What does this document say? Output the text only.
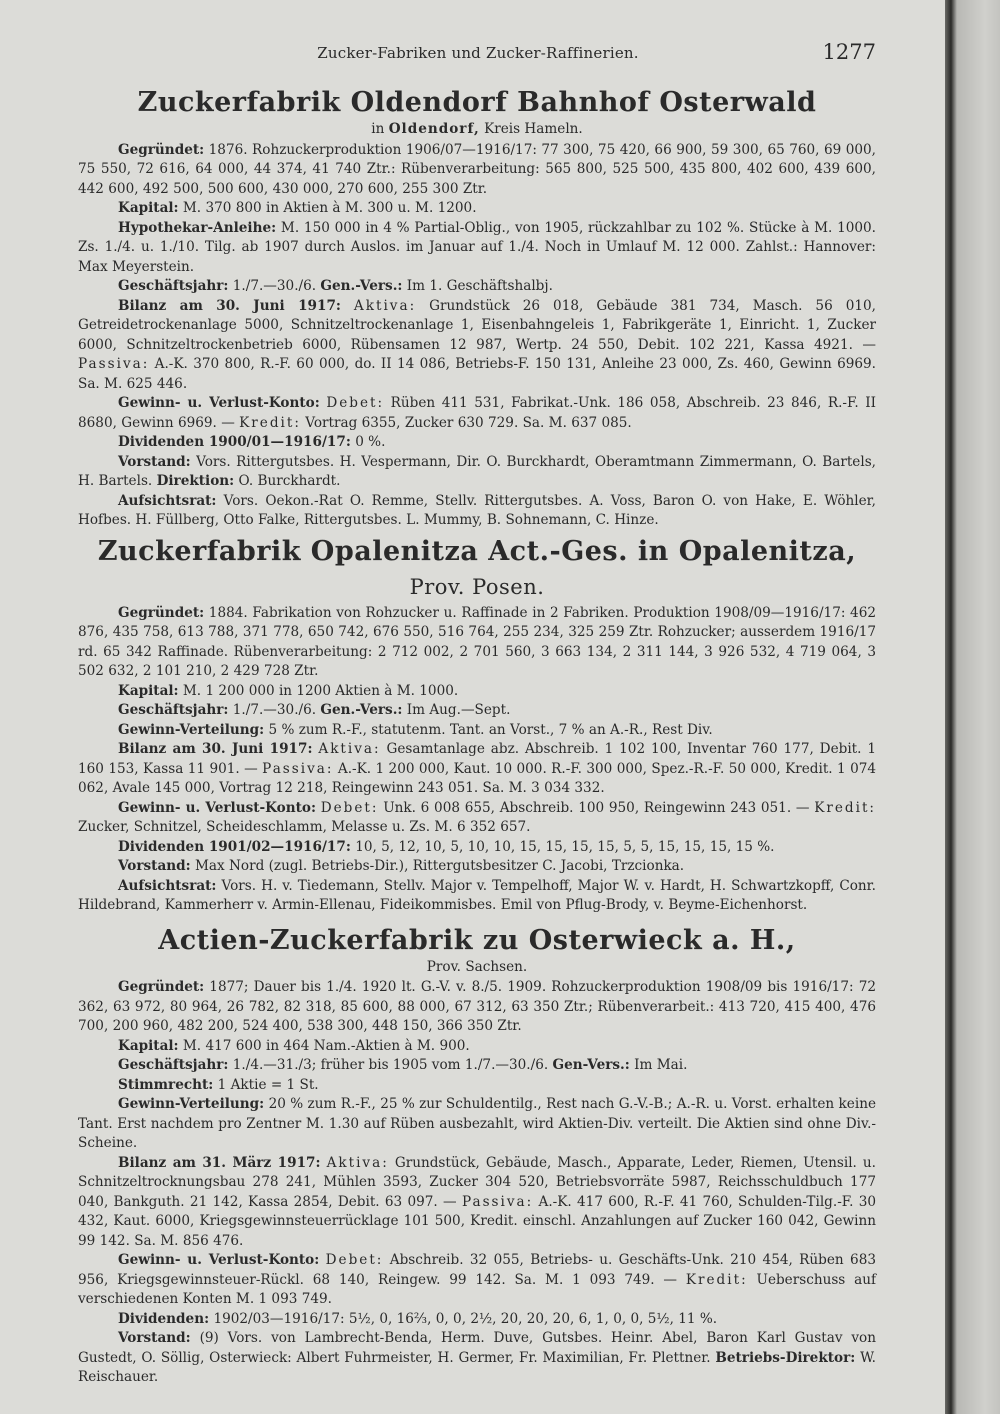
Zucker-Fabriken und Zucker-Raffinerien.	1277
Zuckerfabrik Oldendorf Bahnhof Osterwald
in Oldendorf, Kreis Hameln.

Gegründet: 1876. Rohzuckerproduktion 1906/07—1916/17: 77 300, 75 420, 66 900, 59 300, 65 760, 69 000, 75 550, 72 616, 64 000, 44 374, 41 740 Ztr.: Rübenverarbeitung: 565 800, 525 500, 435 800, 402 600, 439 600, 442 600, 492 500, 500 600, 430 000, 270 600, 255 300 Ztr.

Kapital: M. 370 800 in Aktien à M. 300 u. M. 1200.

Hypothekar-Anleihe: M. 150 000 in 4 % Partial-Oblig., von 1905, rückzahlbar zu 102 %. Stücke à M. 1000. Zs. 1./4. u. 1./10. Tilg. ab 1907 durch Auslos. im Januar auf 1./4. Noch in Umlauf M. 12 000. Zahlst.: Hannover: Max Meyerstein.

Geschäftsjahr: 1./7.—30./6. Gen.-Vers.: Im 1. Geschäftshalbj.

Bilanz am 30. Juni 1917: Aktiva: Grundstück 26 018, Gebäude 381 734, Masch. 56 010, Getreidetrockenanlage 5000, Schnitzeltrockenanlage 1, Eisenbahngeleis 1, Fabrikgeräte 1, Einricht. 1, Zucker 6000, Schnitzeltrockenbetrieb 6000, Rübensamen 12 987, Wertp. 24 550, Debit. 102 221, Kassa 4921. — Passiva: A.-K. 370 800, R.-F. 60 000, do. II 14 086, Betriebs-F. 150 131, Anleihe 23 000, Zs. 460, Gewinn 6969. Sa. M. 625 446.

Gewinn- u. Verlust-Konto: Debet: Rüben 411 531, Fabrikat.-Unk. 186 058, Abschreib. 23 846, R.-F. II 8680, Gewinn 6969. — Kredit: Vortrag 6355, Zucker 630 729. Sa. M. 637 085.

Dividenden 1900/01—1916/17: 0 %.

Vorstand: Vors. Rittergutsbes. H. Vespermann, Dir. O. Burckhardt, Oberamtmann Zimmermann, O. Bartels, H. Bartels. Direktion: O. Burckhardt.

Aufsichtsrat: Vors. Oekon.-Rat O. Remme, Stellv. Rittergutsbes. A. Voss, Baron O. von Hake, E. Wöhler, Hofbes. H. Füllberg, Otto Falke, Rittergutsbes. L. Mummy, B. Sohnemann, C. Hinze.

Zuckerfabrik Opalenitza Act.-Ges. in Opalenitza, Prov. Posen.

Gegründet: 1884. Fabrikation von Rohzucker u. Raffinade in 2 Fabriken. Produktion 1908/09—1916/17: 462 876, 435 758, 613 788, 371 778, 650 742, 676 550, 516 764, 255 234, 325 259 Ztr. Rohzucker; ausserdem 1916/17 rd. 65 342 Raffinade. Rübenverarbeitung: 2 712 002, 2 701 560, 3 663 134, 2 311 144, 3 926 532, 4 719 064, 3 502 632, 2 101 210, 2 429 728 Ztr.

Kapital: M. 1 200 000 in 1200 Aktien à M. 1000.

Geschäftsjahr: 1./7.—30./6. Gen.-Vers.: Im Aug.—Sept.

Gewinn-Verteilung: 5 % zum R.-F., statutenm. Tant. an Vorst., 7 % an A.-R., Rest Div.

Bilanz am 30. Juni 1917: Aktiva: Gesamtanlage abz. Abschreib. 1 102 100, Inventar 760 177, Debit. 1 160 153, Kassa 11 901. — Passiva: A.-K. 1 200 000, Kaut. 10 000. R.-F. 300 000, Spez.-R.-F. 50 000, Kredit. 1 074 062, Avale 145 000, Vortrag 12 218, Reingewinn 243 051. Sa. M. 3 034 332.

Gewinn- u. Verlust-Konto: Debet: Unk. 6 008 655, Abschreib. 100 950, Reingewinn 243 051. — Kredit: Zucker, Schnitzel, Scheideschlamm, Melasse u. Zs. M. 6 352 657.

Dividenden 1901/02—1916/17: 10, 5, 12, 10, 5, 10, 10, 15, 15, 15, 15, 5, 5, 15, 15, 15, 15 %.

Vorstand: Max Nord (zugl. Betriebs-Dir.), Rittergutsbesitzer C. Jacobi, Trzcionka.

Aufsichtsrat: Vors. H. v. Tiedemann, Stellv. Major v. Tempelhoff, Major W. v. Hardt, H. Schwartzkopff, Conr. Hildebrand, Kammerherr v. Armin-Ellenau, Fideikommisbes. Emil von Pflug-Brody, v. Beyme-Eichenhorst.

Actien-Zuckerfabrik zu Osterwieck a. H.,
Prov. Sachsen.

Gegründet: 1877; Dauer bis 1./4. 1920 lt. G.-V. v. 8./5. 1909. Rohzuckerproduktion 1908/09 bis 1916/17: 72 362, 63 972, 80 964, 26 782, 82 318, 85 600, 88 000, 67 312, 63 350 Ztr.; Rübenverarbeit.: 413 720, 415 400, 476 700, 200 960, 482 200, 524 400, 538 300, 448 150, 366 350 Ztr.

Kapital: M. 417 600 in 464 Nam.-Aktien à M. 900.

Geschäftsjahr: 1./4.—31./3; früher bis 1905 vom 1./7.—30./6. Gen-Vers.: Im Mai.

Stimmrecht: 1 Aktie = 1 St.

Gewinn-Verteilung: 20 % zum R.-F., 25 % zur Schuldentilg., Rest nach G.-V.-B.; A.-R. u. Vorst. erhalten keine Tant. Erst nachdem pro Zentner M. 1.30 auf Rüben ausbezahlt, wird Aktien-Div. verteilt. Die Aktien sind ohne Div.-Scheine.

Bilanz am 31. März 1917: Aktiva: Grundstück, Gebäude, Masch., Apparate, Leder, Riemen, Utensil. u. Schnitzeltrocknungsbau 278 241, Mühlen 3593, Zucker 304 520, Betriebsvorräte 5987, Reichsschuldbuch 177 040, Bankguth. 21 142, Kassa 2854, Debit. 63 097. — Passiva: A.-K. 417 600, R.-F. 41 760, Schulden-Tilg.-F. 30 432, Kaut. 6000, Kriegsgewinnsteuerrücklage 101 500, Kredit. einschl. Anzahlungen auf Zucker 160 042, Gewinn 99 142. Sa. M. 856 476.

Gewinn- u. Verlust-Konto: Debet: Abschreib. 32 055, Betriebs- u. Geschäfts-Unk. 210 454, Rüben 683 956, Kriegsgewinnsteuer-Rückl. 68 140, Reingew. 99 142. Sa. M. 1 093 749. — Kredit: Ueberschuss auf verschiedenen Konten M. 1 093 749.

Dividenden: 1902/03—1916/17: 5½, 0, 16⅔, 0, 0, 2½, 20, 20, 20, 6, 1, 0, 0, 5½, 11 %.

Vorstand: (9) Vors. von Lambrecht-Benda, Herm. Duve, Gutsbes. Heinr. Abel, Baron Karl Gustav von Gustedt, O. Söllig, Osterwieck: Albert Fuhrmeister, H. Germer, Fr. Maximilian, Fr. Plettner. Betriebs-Direktor: W. Reischauer.
